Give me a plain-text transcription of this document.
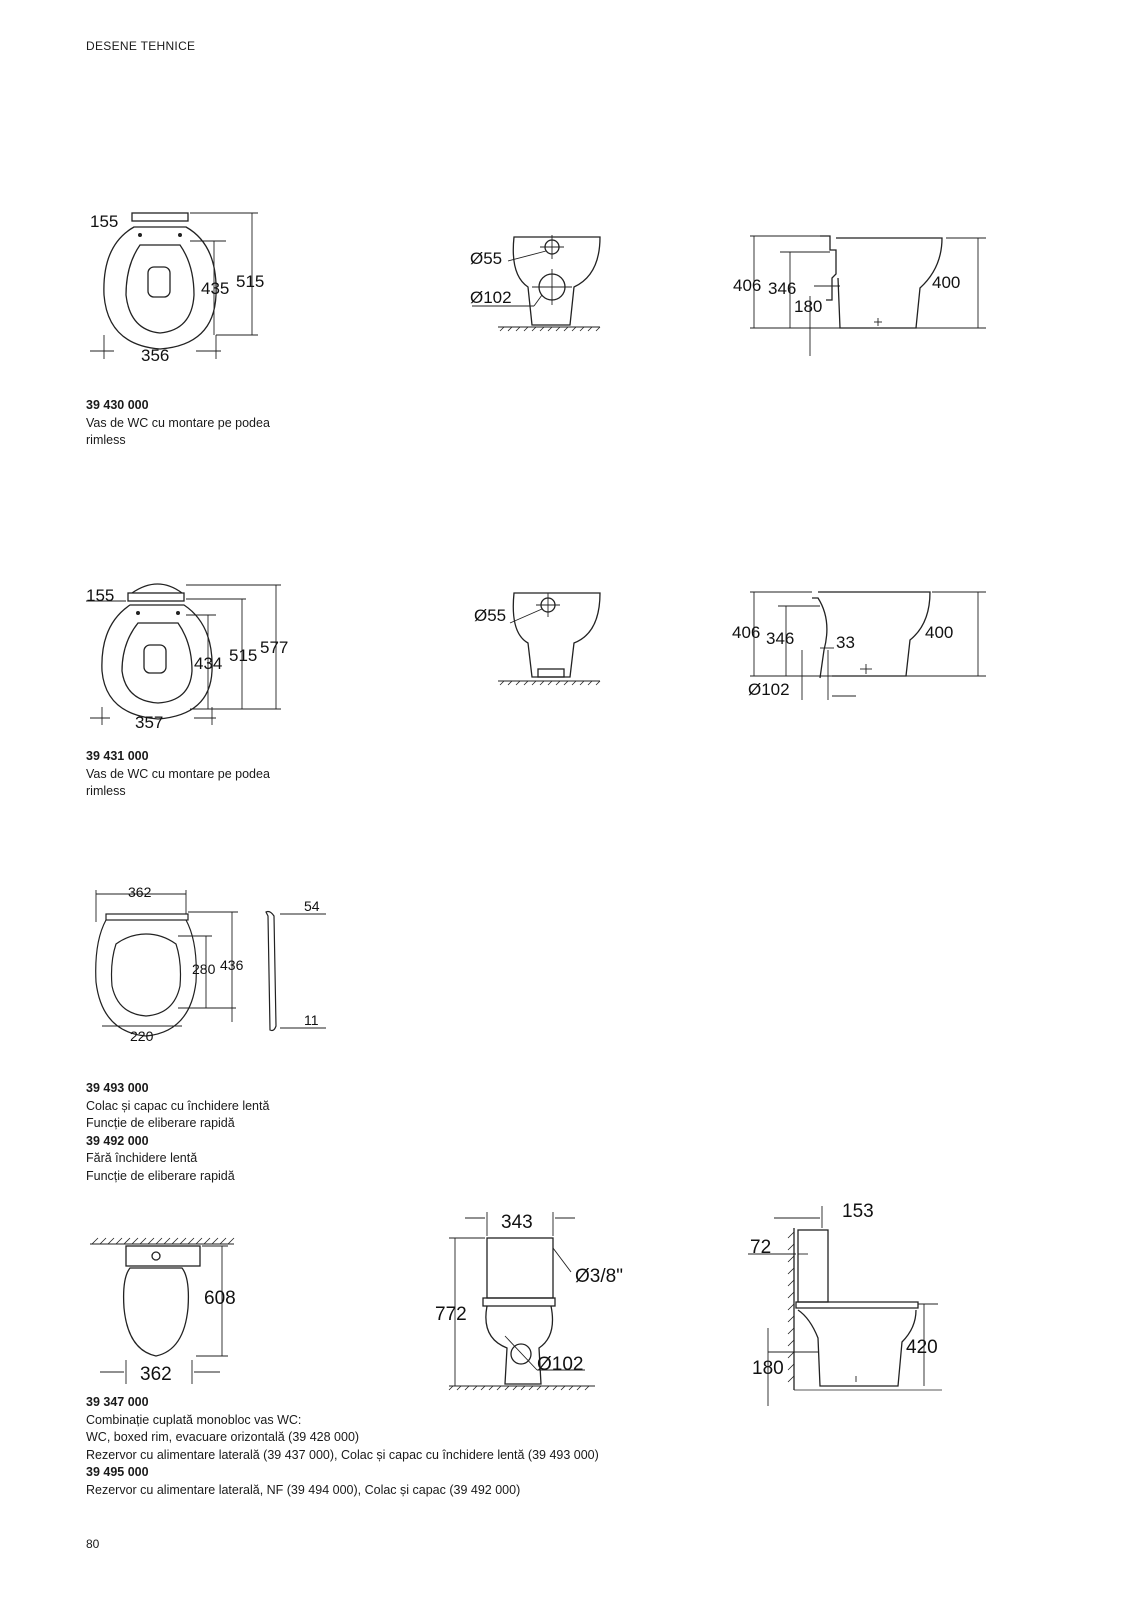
DESENE TEHNICE
155
435 515
356
Ø55
Ø102
406 346
180
400
39 430 000
Vas de WC cu montare pe podea
rimless
155
434 515 577
357
Ø55
406 346 33
400
Ø102
39 431 000
Vas de WC cu montare pe podea
rimless
362
280 436
220
54
11
39 493 000
Colac și capac cu închidere lentă
Funcție de eliberare rapidă
39 492 000
Fără închidere lentă
Funcție de eliberare rapidă
608
362
343
772
Ø3/8"
Ø102
153
72
420
180
39 347 000
Combinație cuplată monobloc vas WC:
WC, boxed rim, evacuare orizontală (39 428 000)
Rezervor cu alimentare laterală (39 437 000), Colac și capac cu închidere lentă (39 493 000)
39 495 000
Rezervor cu alimentare laterală, NF (39 494 000), Colac și capac (39 492 000)
80
